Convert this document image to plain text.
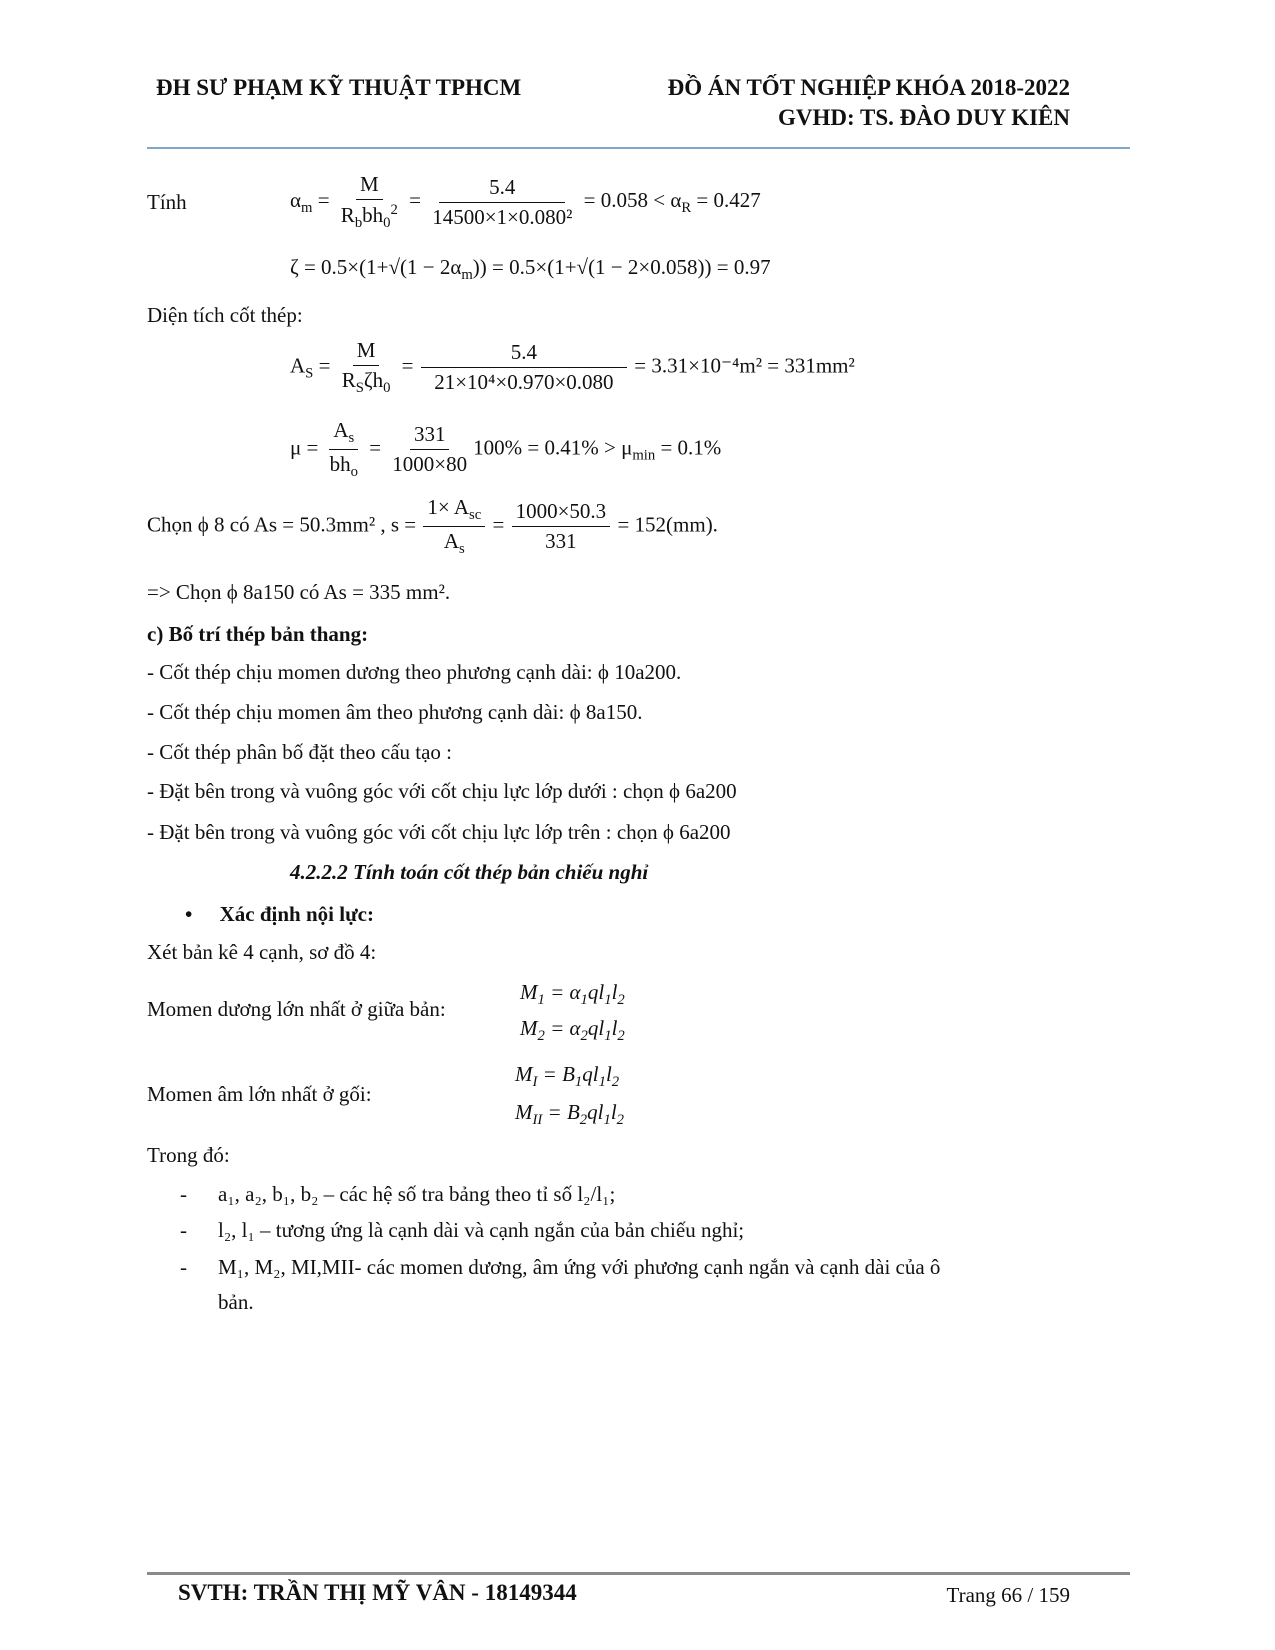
ĐH SƯ PHẠM KỸ THUẬT TPHCM	ĐỒ ÁN TỐT NGHIỆP KHÓA 2018-2022
GVHD: TS. ĐÀO DUY KIÊN
Tính	$\alpha_m = \frac{M}{R_bbh_0^2} = \frac{5.4}{\text{14500×1×0.080²}} = 0.058 < \alpha_R = 0.427$
$\zeta = 0.5\times(1+√(1 - 2\alpha_m)) = 0.5\times(1+√(1 - 2\times 0.058)) = 0.97$
Diện tích cốt thép:
$A_S = \frac{M}{R_S\zeta h_0} = \frac{5.4}{\text{21×10⁴×0.970×0.080}} = 3.31\times 10^{-4}m^2 = 331mm^2$
$\mu = \frac{A_s}{bh_o} = \frac{331}{1000\times 80} 100\% = 0.41\% > \mu_{min} = 0.1\%$
Chọn ϕ 8 có As = 50.3mm² , $s = \frac{1\times A_{sc}}{A_s} = \frac{1000\times 50.3}{331} = 152(mm)$.
=> Chọn ϕ 8a150 có As = 335 mm².
c) Bố trí thép bản thang:
- Cốt thép chịu momen dương theo phương cạnh dài: ϕ 10a200.
- Cốt thép chịu momen âm theo phương cạnh dài: ϕ 8a150.
- Cốt thép phân bố đặt theo cấu tạo :
- Đặt bên trong và vuông góc với cốt chịu lực lớp dưới : chọn ϕ 6a200
- Đặt bên trong và vuông góc với cốt chịu lực lớp trên : chọn ϕ 6a200
4.2.2.2 Tính toán cốt thép bản chiếu nghỉ
• Xác định nội lực:
Xét bản kê 4 cạnh, sơ đồ 4:
Momen dương lớn nhất ở giữa bản:
$M_1 = \alpha_1ql_1l_2$
$M_2 = \alpha_2ql_1l_2$
Momen âm lớn nhất ở gối:
$M_I = B_1ql_1l_2$
$M_{II} = B_2ql_1l_2$
Trong đó:
- a₁, a₂, b₁, b₂ – các hệ số tra bảng theo tỉ số l₂/l₁;
- l₂, l₁ – tương ứng là cạnh dài và cạnh ngắn của bản chiếu nghỉ;
- M₁, M₂, MI,MII- các momen dương, âm ứng với phương cạnh ngắn và cạnh dài của ô
bản.
SVTH: TRẦN THỊ MỸ VÂN - 18149344	Trang 66 / 159
